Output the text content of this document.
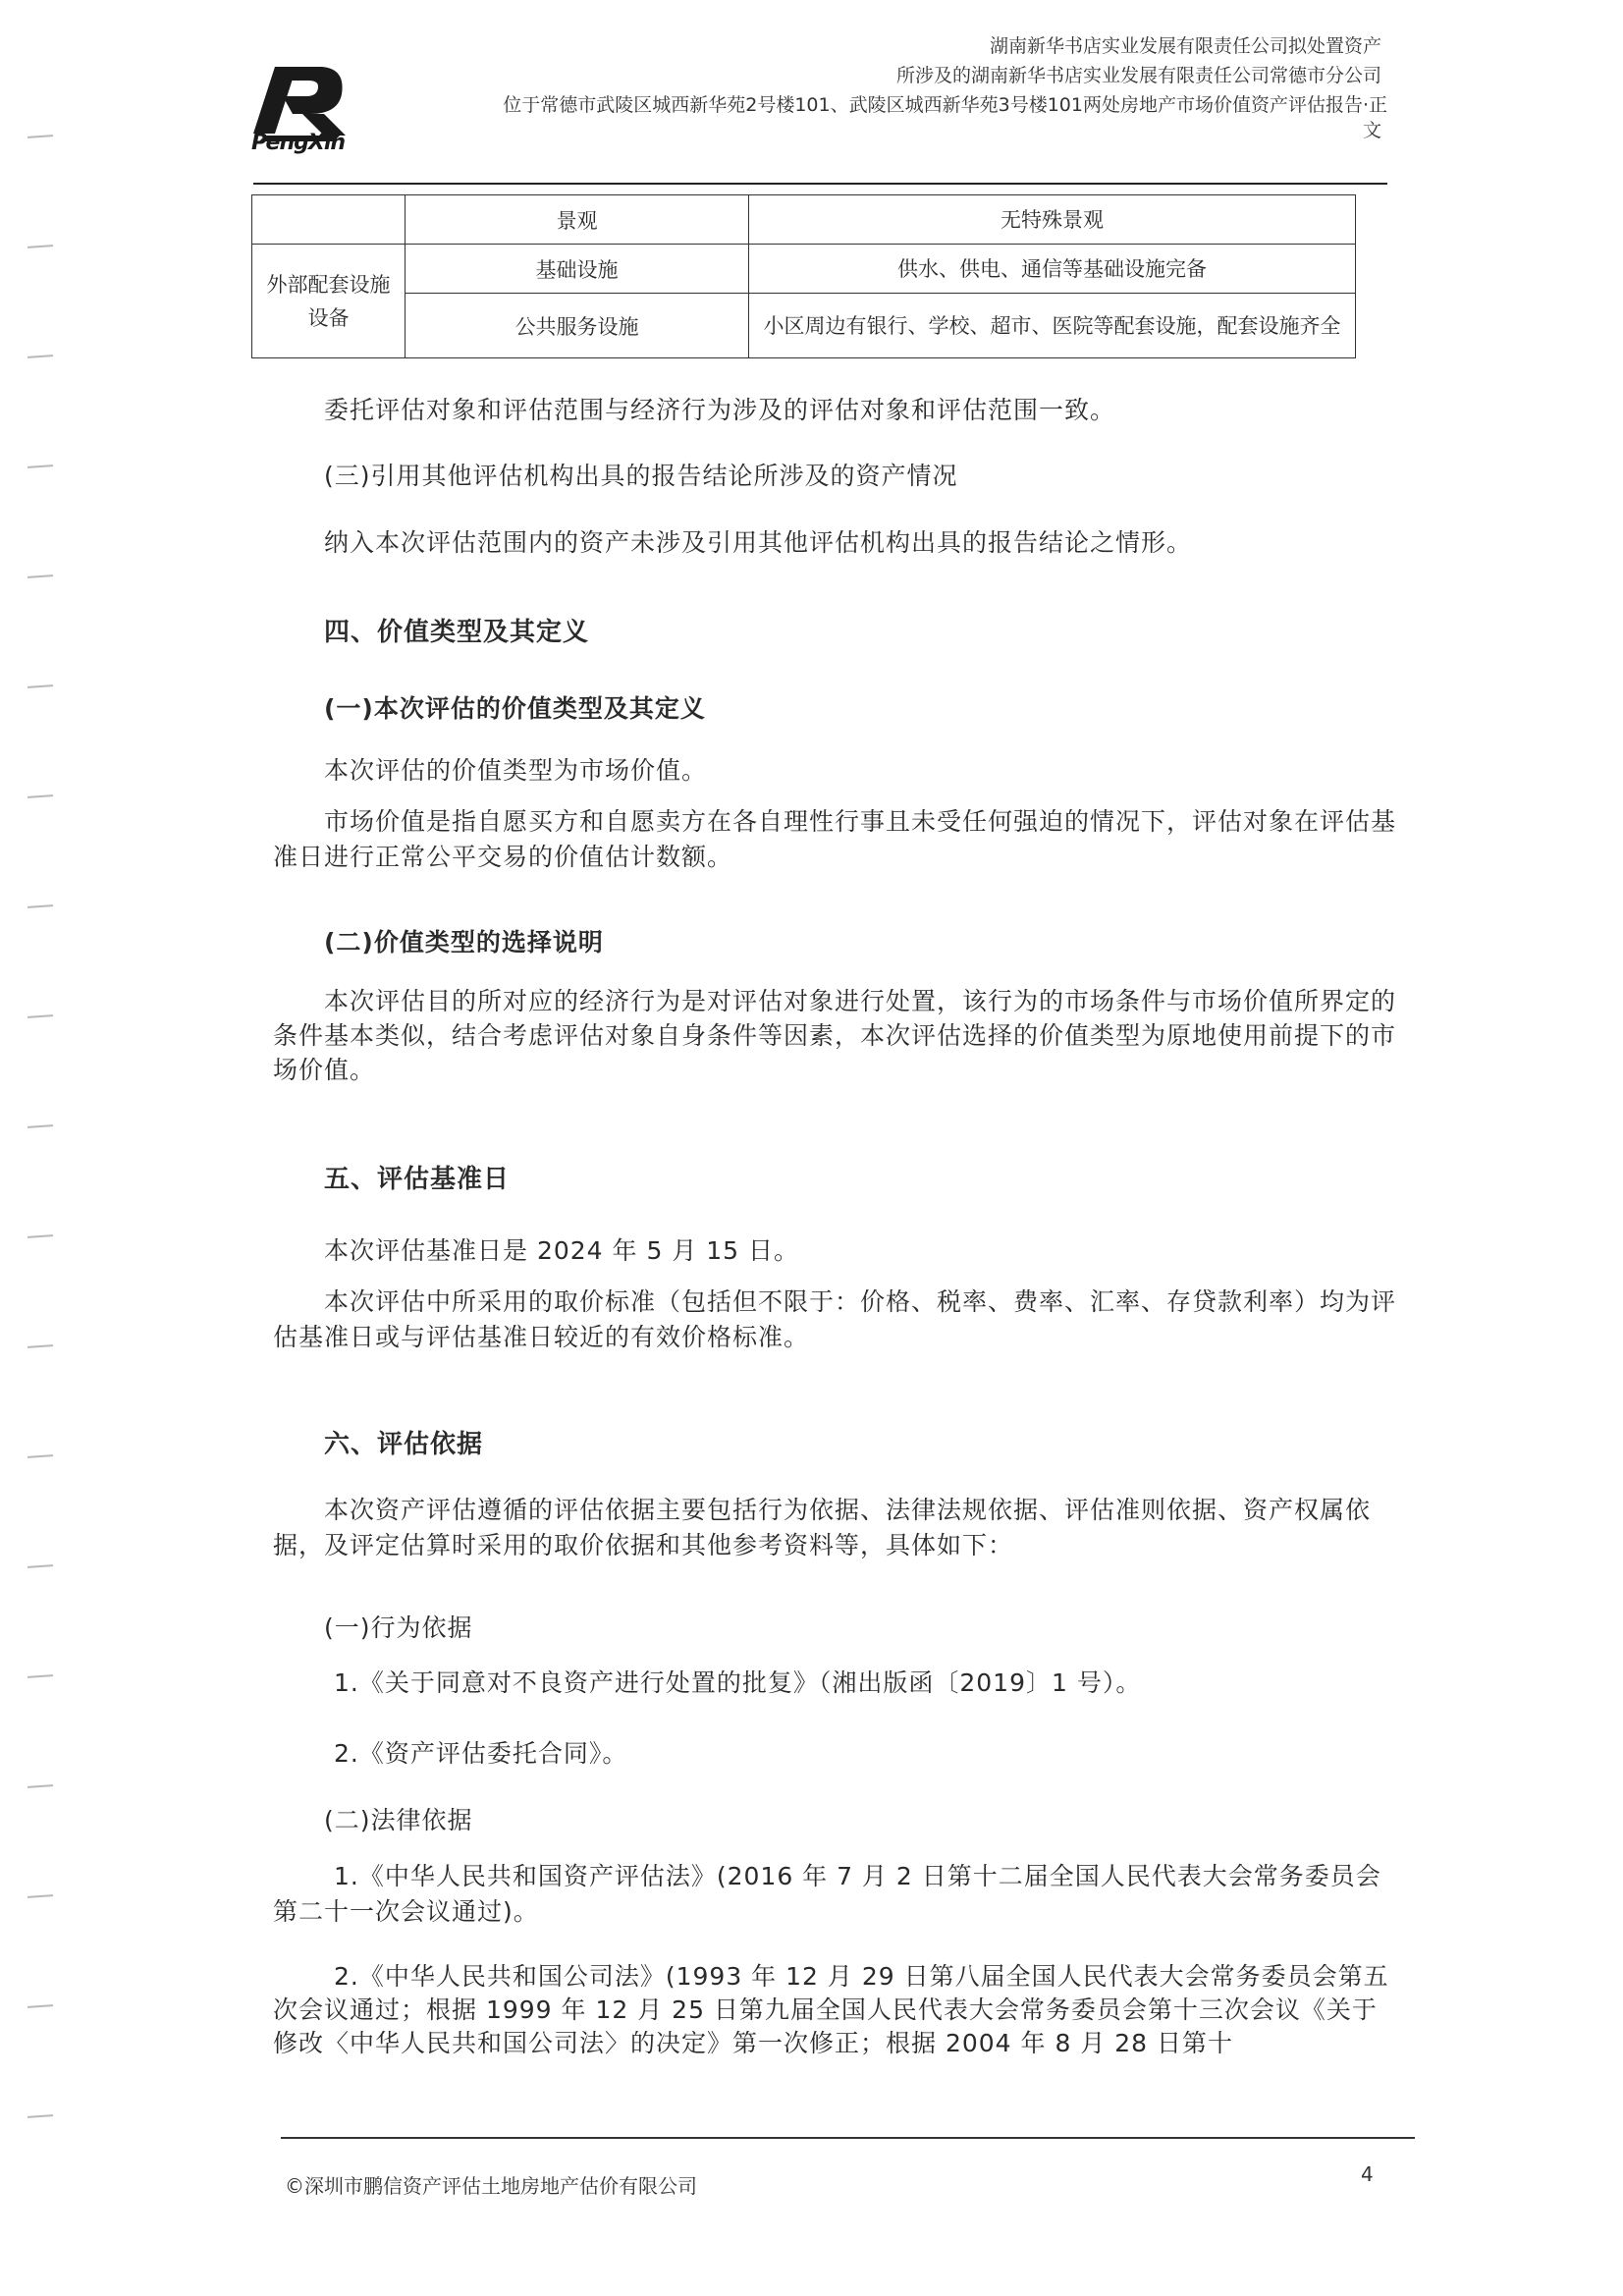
PengXin
湖南新华书店实业发展有限责任公司拟处置资产
所涉及的湖南新华书店实业发展有限责任公司常德市分公司
位于常德市武陵区城西新华苑2号楼101、武陵区城西新华苑3号楼101两处房地产市场价值资产评估报告·正
文
	景观	无特殊景观
外部配套设施设备	基础设施	供水、供电、通信等基础设施完备
	公共服务设施	小区周边有银行、学校、超市、医院等配套设施，配套设施齐全
委托评估对象和评估范围与经济行为涉及的评估对象和评估范围一致。
(三)引用其他评估机构出具的报告结论所涉及的资产情况
纳入本次评估范围内的资产未涉及引用其他评估机构出具的报告结论之情形。
四、价值类型及其定义
(一)本次评估的价值类型及其定义
本次评估的价值类型为市场价值。
市场价值是指自愿买方和自愿卖方在各自理性行事且未受任何强迫的情况下，评估对象在评估基准日进行正常公平交易的价值估计数额。
(二)价值类型的选择说明
本次评估目的所对应的经济行为是对评估对象进行处置，该行为的市场条件与市场价值所界定的条件基本类似，结合考虑评估对象自身条件等因素，本次评估选择的价值类型为原地使用前提下的市场价值。
五、评估基准日
本次评估基准日是 2024 年 5 月 15 日。
本次评估中所采用的取价标准（包括但不限于：价格、税率、费率、汇率、存贷款利率）均为评估基准日或与评估基准日较近的有效价格标准。
六、评估依据
本次资产评估遵循的评估依据主要包括行为依据、法律法规依据、评估准则依据、资产权属依据，及评定估算时采用的取价依据和其他参考资料等，具体如下：
(一)行为依据
1.《关于同意对不良资产进行处置的批复》（湘出版函〔2019〕1 号）。
2.《资产评估委托合同》。
(二)法律依据
1.《中华人民共和国资产评估法》(2016 年 7 月 2 日第十二届全国人民代表大会常务委员会第二十一次会议通过)。
2.《中华人民共和国公司法》(1993 年 12 月 29 日第八届全国人民代表大会常务委员会第五次会议通过；根据 1999 年 12 月 25 日第九届全国人民代表大会常务委员会第十三次会议《关于修改〈中华人民共和国公司法〉的决定》第一次修正；根据 2004 年 8 月 28 日第十
©深圳市鹏信资产评估土地房地产估价有限公司	4
